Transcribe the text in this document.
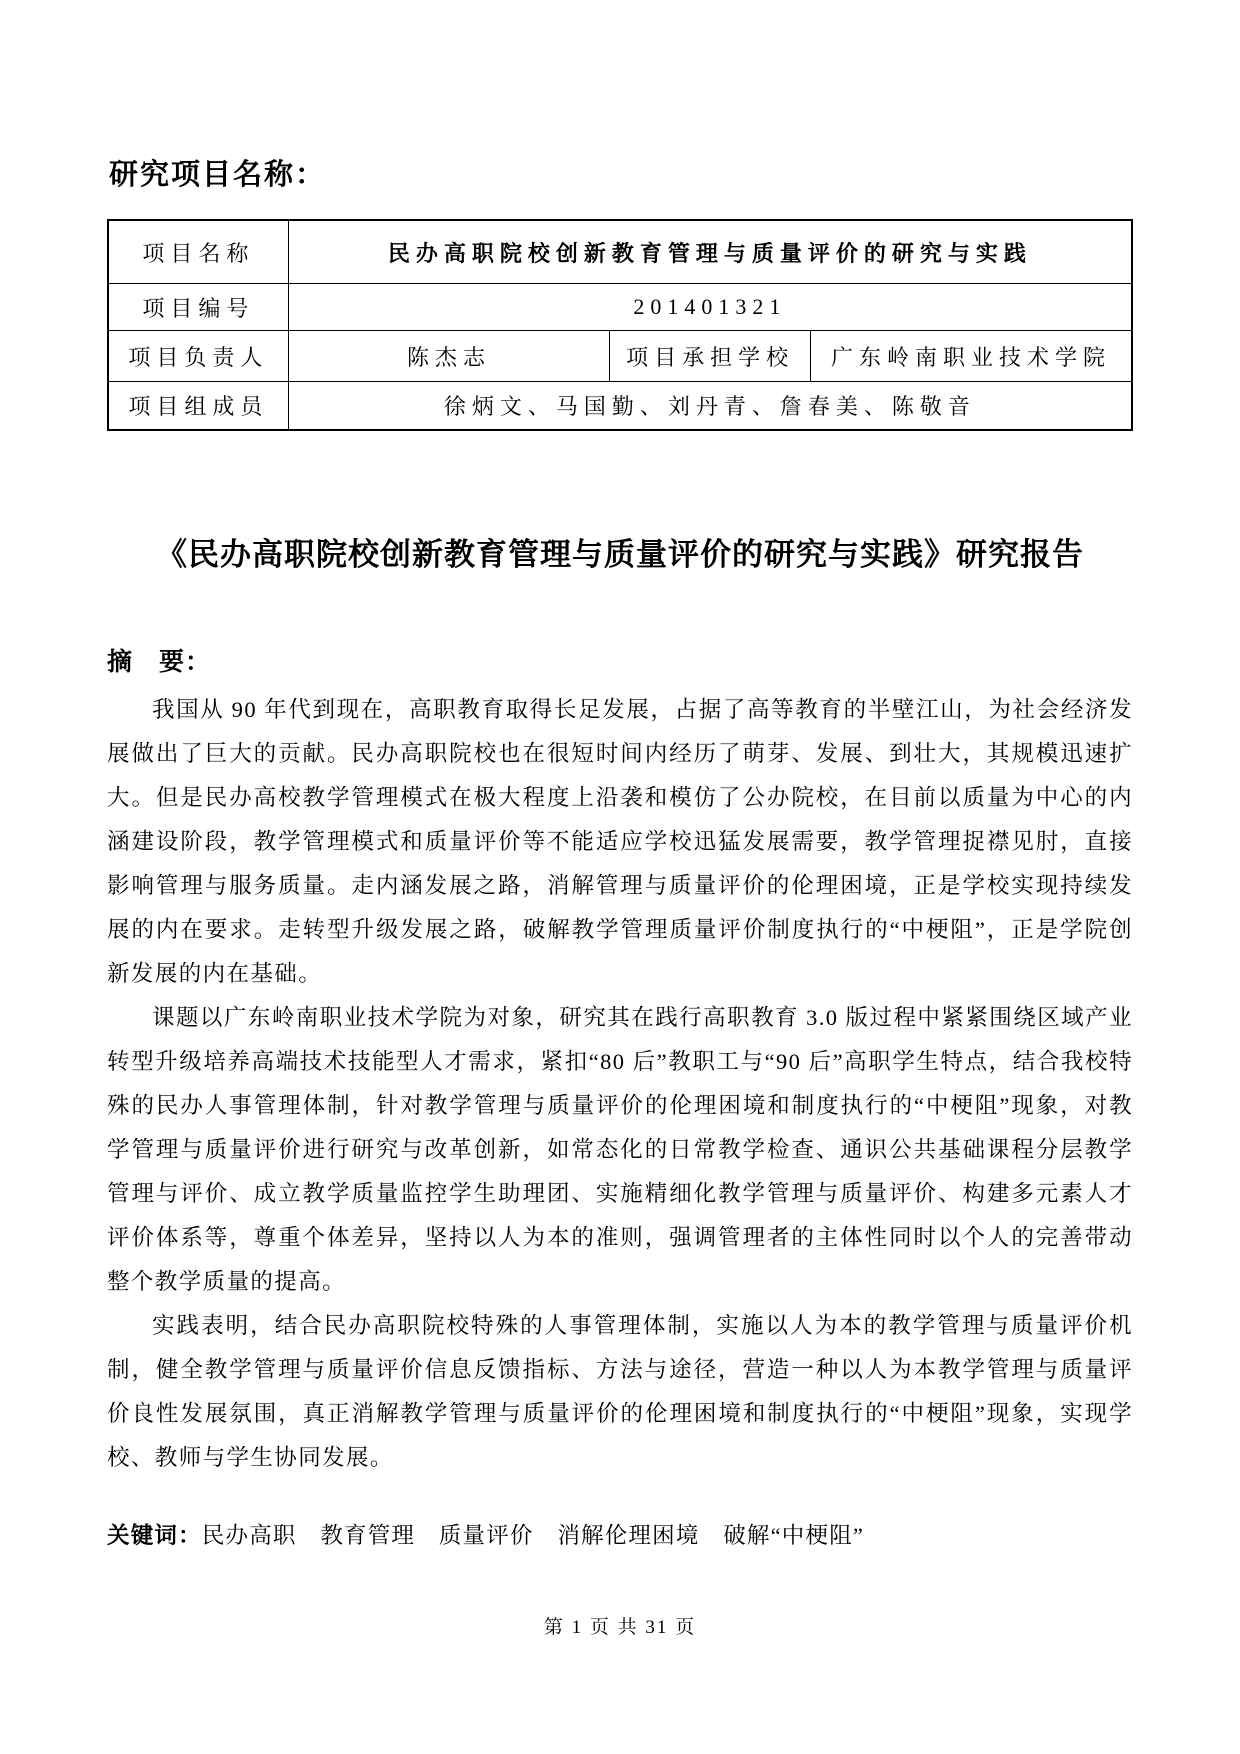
研究项目名称：
项目名称	民办高职院校创新教育管理与质量评价的研究与实践		
项目编号	201401321		
项目负责人	陈杰志	项目承担学校	广东岭南职业技术学院
项目组成员	徐炳文、马国勤、刘丹青、詹春美、陈敬音		
《民办高职院校创新教育管理与质量评价的研究与实践》研究报告
摘　要：

我国从 90 年代到现在，高职教育取得长足发展，占据了高等教育的半壁江山，为社会经济发展做出了巨大的贡献。民办高职院校也在很短时间内经历了萌芽、发展、到壮大，其规模迅速扩大。但是民办高校教学管理模式在极大程度上沿袭和模仿了公办院校，在目前以质量为中心的内涵建设阶段，教学管理模式和质量评价等不能适应学校迅猛发展需要，教学管理捉襟见肘，直接影响管理与服务质量。走内涵发展之路，消解管理与质量评价的伦理困境，正是学校实现持续发展的内在要求。走转型升级发展之路，破解教学管理质量评价制度执行的“中梗阻”，正是学院创新发展的内在基础。

课题以广东岭南职业技术学院为对象，研究其在践行高职教育 3.0 版过程中紧紧围绕区域产业转型升级培养高端技术技能型人才需求，紧扣“80 后”教职工与“90 后”高职学生特点，结合我校特殊的民办人事管理体制，针对教学管理与质量评价的伦理困境和制度执行的“中梗阻”现象，对教学管理与质量评价进行研究与改革创新，如常态化的日常教学检查、通识公共基础课程分层教学管理与评价、成立教学质量监控学生助理团、实施精细化教学管理与质量评价、构建多元素人才评价体系等，尊重个体差异，坚持以人为本的准则，强调管理者的主体性同时以个人的完善带动整个教学质量的提高。

实践表明，结合民办高职院校特殊的人事管理体制，实施以人为本的教学管理与质量评价机制，健全教学管理与质量评价信息反馈指标、方法与途径，营造一种以人为本教学管理与质量评价良性发展氛围，真正消解教学管理与质量评价的伦理困境和制度执行的“中梗阻”现象，实现学校、教师与学生协同发展。

关键词：民办高职　教育管理　质量评价　消解伦理困境　破解“中梗阻”
第 1 页 共 31 页
